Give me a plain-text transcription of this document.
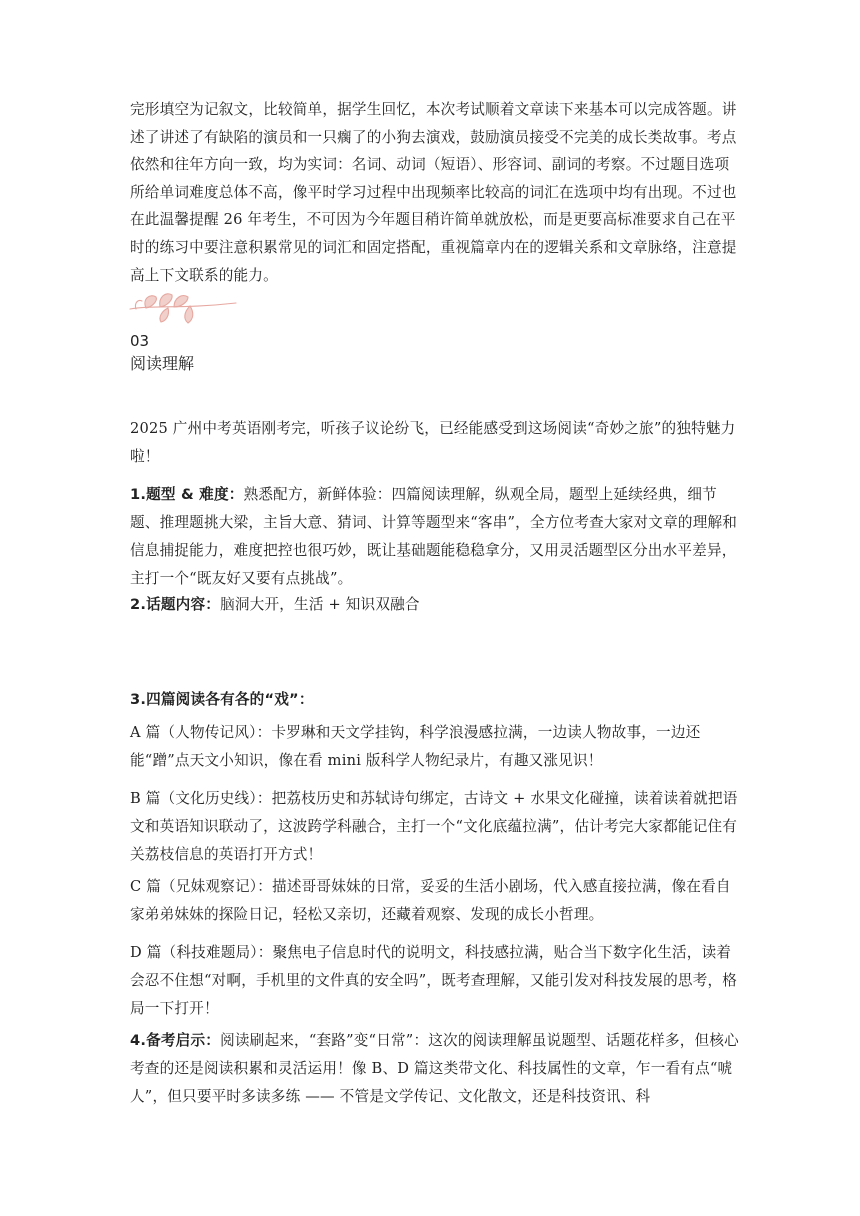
完形填空为记叙文，比较简单，据学生回忆，本次考试顺着文章读下来基本可以完成答题。讲述了讲述了有缺陷的演员和一只瘸了的小狗去演戏，鼓励演员接受不完美的成长类故事。考点依然和往年方向一致，均为实词：名词、动词（短语）、形容词、副词的考察。不过题目选项所给单词难度总体不高，像平时学习过程中出现频率比较高的词汇在选项中均有出现。不过也在此温馨提醒 26 年考生，不可因为今年题目稍许简单就放松，而是更要高标准要求自己在平时的练习中要注意积累常见的词汇和固定搭配，重视篇章内在的逻辑关系和文章脉络，注意提高上下文联系的能力。

03
阅读理解

2025 广州中考英语刚考完，听孩子议论纷飞，已经能感受到这场阅读“奇妙之旅”的独特魅力啦！

1.题型 & 难度：熟悉配方，新鲜体验：四篇阅读理解，纵观全局，题型上延续经典，细节题、推理题挑大梁，主旨大意、猜词、计算等题型来“客串”，全方位考查大家对文章的理解和信息捕捉能力，难度把控也很巧妙，既让基础题能稳稳拿分，又用灵活题型区分出水平差异，主打一个“既友好又要有点挑战”。

2.话题内容：脑洞大开，生活 + 知识双融合

3.四篇阅读各有各的“戏”：

A 篇（人物传记风）：卡罗琳和天文学挂钩，科学浪漫感拉满，一边读人物故事，一边还能“蹭”点天文小知识，像在看 mini 版科学人物纪录片，有趣又涨见识！

B 篇（文化历史线）：把荔枝历史和苏轼诗句绑定，古诗文 + 水果文化碰撞，读着读着就把语文和英语知识联动了，这波跨学科融合，主打一个“文化底蕴拉满”，估计考完大家都能记住有关荔枝信息的英语打开方式！

C 篇（兄妹观察记）：描述哥哥妹妹的日常，妥妥的生活小剧场，代入感直接拉满，像在看自家弟弟妹妹的探险日记，轻松又亲切，还藏着观察、发现的成长小哲理。

D 篇（科技难题局）：聚焦电子信息时代的说明文，科技感拉满，贴合当下数字化生活，读着会忍不住想“对啊，手机里的文件真的安全吗”，既考查理解，又能引发对科技发展的思考，格局一下打开！

4.备考启示：阅读刷起来，“套路”变“日常”：这次的阅读理解虽说题型、话题花样多，但核心考查的还是阅读积累和灵活运用！像 B、D 篇这类带文化、科技属性的文章，乍一看有点“唬人”，但只要平时多读多练 —— 不管是文学传记、文化散文，还是科技资讯、科
